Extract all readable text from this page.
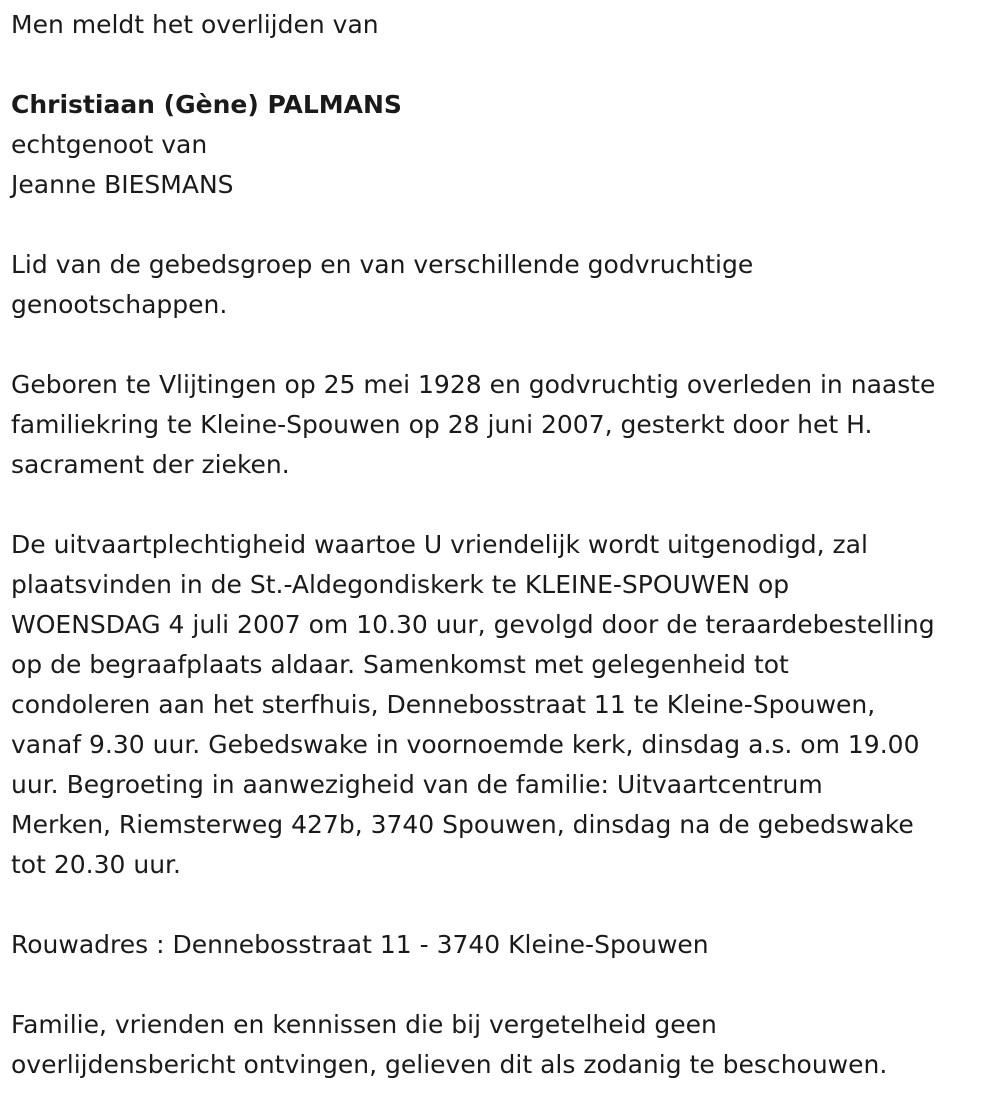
Men meldt het overlijden van

Christiaan (Gène) PALMANS

echtgenoot van

Jeanne BIESMANS

Lid van de gebedsgroep en van verschillende godvruchtige

genootschappen.

Geboren te Vlijtingen op 25 mei 1928 en godvruchtig overleden in naaste

familiekring te Kleine-Spouwen op 28 juni 2007, gesterkt door het H.

sacrament der zieken.

De uitvaartplechtigheid waartoe U vriendelijk wordt uitgenodigd, zal

plaatsvinden in de St.-Aldegondiskerk te KLEINE-SPOUWEN op

WOENSDAG 4 juli 2007 om 10.30 uur, gevolgd door de teraardebestelling

op de begraafplaats aldaar. Samenkomst met gelegenheid tot

condoleren aan het sterfhuis, Dennebosstraat 11 te Kleine-Spouwen,

vanaf 9.30 uur. Gebedswake in voornoemde kerk, dinsdag a.s. om 19.00

uur. Begroeting in aanwezigheid van de familie: Uitvaartcentrum

Merken, Riemsterweg 427b, 3740 Spouwen, dinsdag na de gebedswake

tot 20.30 uur.

Rouwadres : Dennebosstraat 11 - 3740 Kleine-Spouwen

Familie, vrienden en kennissen die bij vergetelheid geen

overlijdensbericht ontvingen, gelieven dit als zodanig te beschouwen.
